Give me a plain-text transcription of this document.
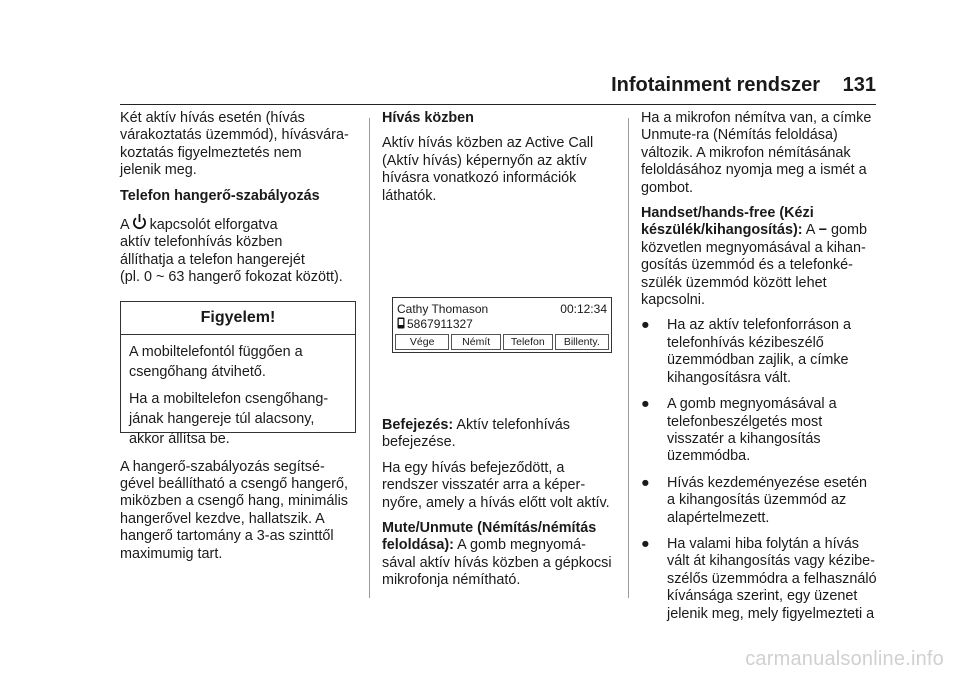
Infotainment rendszer 131

Két aktív hívás esetén (hívás
várakoztatás üzemmód), hívásvára-
koztatás figyelmeztetés nem
jelenik meg.

Telefon hangerő-szabályozás

A kapcsolót elforgatva
aktív telefonhívás közben
állíthatja a telefon hangerejét
(pl. 0 ~ 63 hangerő fokozat között).

Figyelem!

A mobiltelefontól függően a
csengőhang átvihető.

Ha a mobiltelefon csengőhang-
jának hangereje túl alacsony,
akkor állítsa be.

A hangerő-szabályozás segítsé-
gével beállítható a csengő hangerő,
miközben a csengő hang, minimális
hangerővel kezdve, hallatszik. A
hangerő tartomány a 3-as szinttől
maximumig tart.

Hívás közben

Aktív hívás közben az Active Call
(Aktív hívás) képernyőn az aktív
hívásra vonatkozó információk
láthatók.

Cathy Thomason	00:12:34
5867911327
Vége	Némít	Telefon	Billenty.

Befejezés: Aktív telefonhívás
befejezése.

Ha egy hívás befejeződött, a
rendszer visszatér arra a képer-
nyőre, amely a hívás előtt volt aktív.

Mute/Unmute (Némítás/némítás
feloldása): A gomb megnyomá-
sával aktív hívás közben a gépkocsi
mikrofonja némítható.

Ha a mikrofon némítva van, a címke
Unmute-ra (Némítás feloldása)
változik. A mikrofon némításának
feloldásához nyomja meg a ismét a
gombot.

Handset/hands-free (Kézi
készülék/kihangosítás): A − gomb
közvetlen megnyomásával a kihan-
gosítás üzemmód és a telefonké-
szülék üzemmód között lehet
kapcsolni.

● Ha az aktív telefonforráson a
telefonhívás kézibeszélő
üzemmódban zajlik, a címke
kihangosításra vált.
● A gomb megnyomásával a
telefonbeszélgetés most
visszatér a kihangosítás
üzemmódba.
● Hívás kezdeményezése esetén
a kihangosítás üzemmód az
alapértelmezett.
● Ha valami hiba folytán a hívás
vált át kihangosítás vagy kézibe-
szélős üzemmódra a felhasználó
kívánsága szerint, egy üzenet
jelenik meg, mely figyelmezteti a
carmanualsonline.info
